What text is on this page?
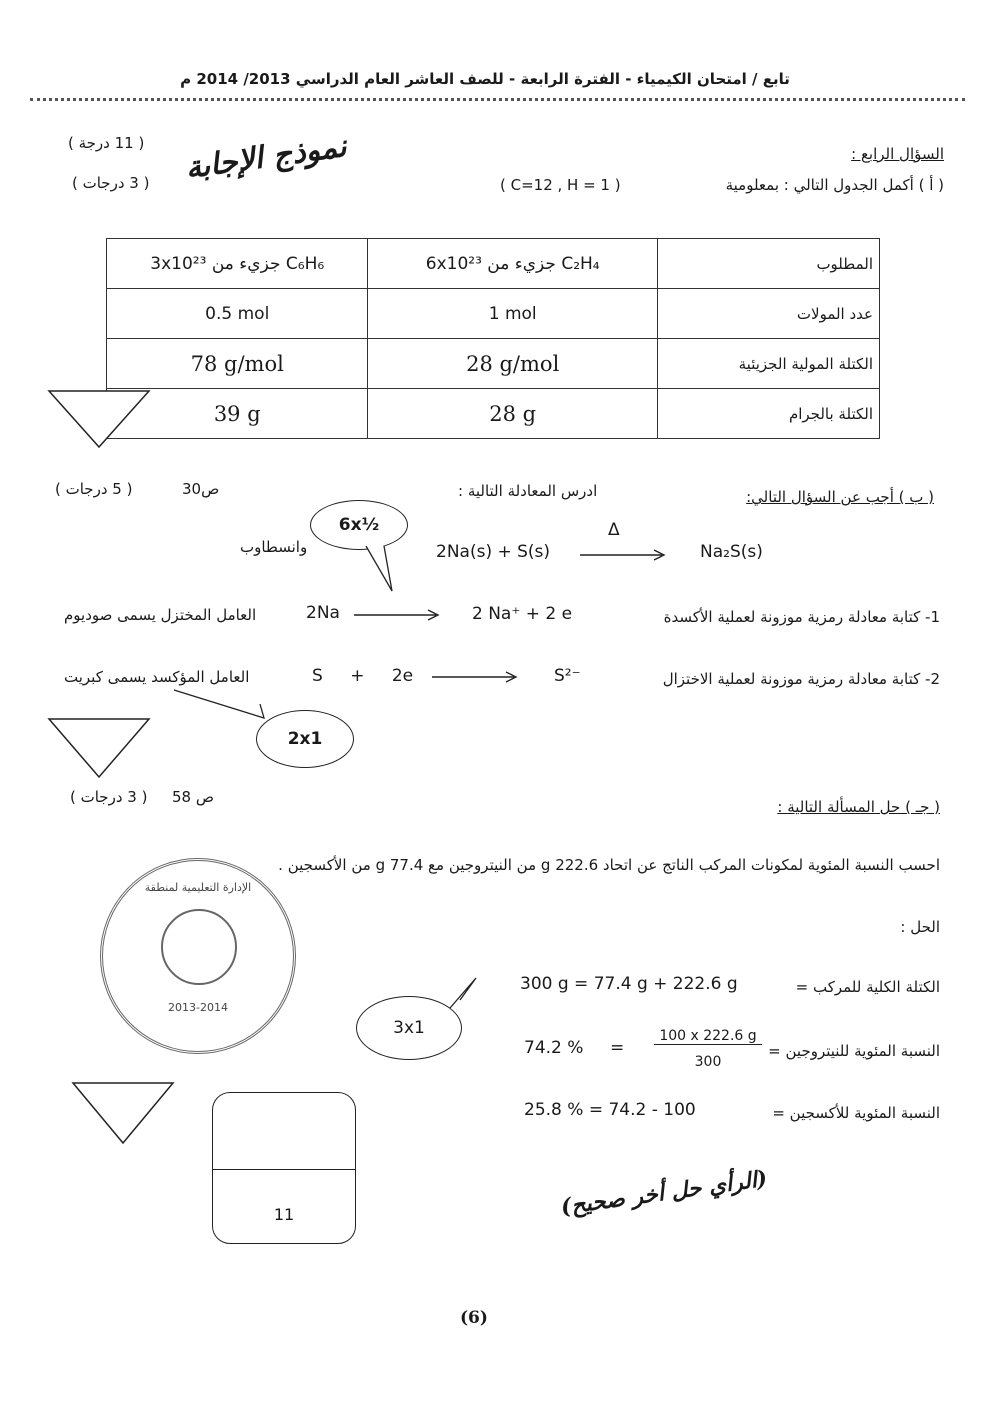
تابع / امتحان الكيمياء - الفترة الرابعة - للصف العاشر العام الدراسي 2013/ 2014 م
نموذج الإجابة	السؤال الرابع :
( 11 درجة )
( أ ) أكمل الجدول التالي : بمعلومية
( C=12 , H = 1 )
( 3 درجات )
3x10²³ جزيء من C₆H₆	6x10²³ جزيء من C₂H₄	المطلوب
0.5 mol	1 mol	عدد المولات
78 g/mol	28 g/mol	الكتلة المولية الجزيئية
39 g	28 g	الكتلة بالجرام
( ب ) أجب عن السؤال التالي:
ادرس المعادلة التالية :
ص30
( 5 درجات )
6x½
وانسطاوب	2Na(s) + S(s)
Δ
Na₂S(s)
1- كتابة معادلة رمزية موزونة لعملية الأكسدة
2 Na⁺ + 2 e
2Na
العامل المختزل يسمى صوديوم
2- كتابة معادلة رمزية موزونة لعملية الاختزال
S²⁻
S + 2e
العامل المؤكسد يسمى كبريت
2x1
( جـ ) حل المسألة التالية :
ص 58
( 3 درجات )
احسب النسبة المئوية لمكونات المركب الناتج عن اتحاد 222.6 g من النيتروجين مع 77.4 g من الأكسجين .
الحل :
2013-2014
الإدارة التعليمية لمنطقة
الكتلة الكلية للمركب =
300 g = 77.4 g + 222.6 g
النسبة المئوية للنيتروجين =
100 x 222.6 g
300
74.2 % =
النسبة المئوية للأكسجين =
25.8 % = 74.2 - 100
3x1
(الرأي حل أخر صحيح)
11
(6)
